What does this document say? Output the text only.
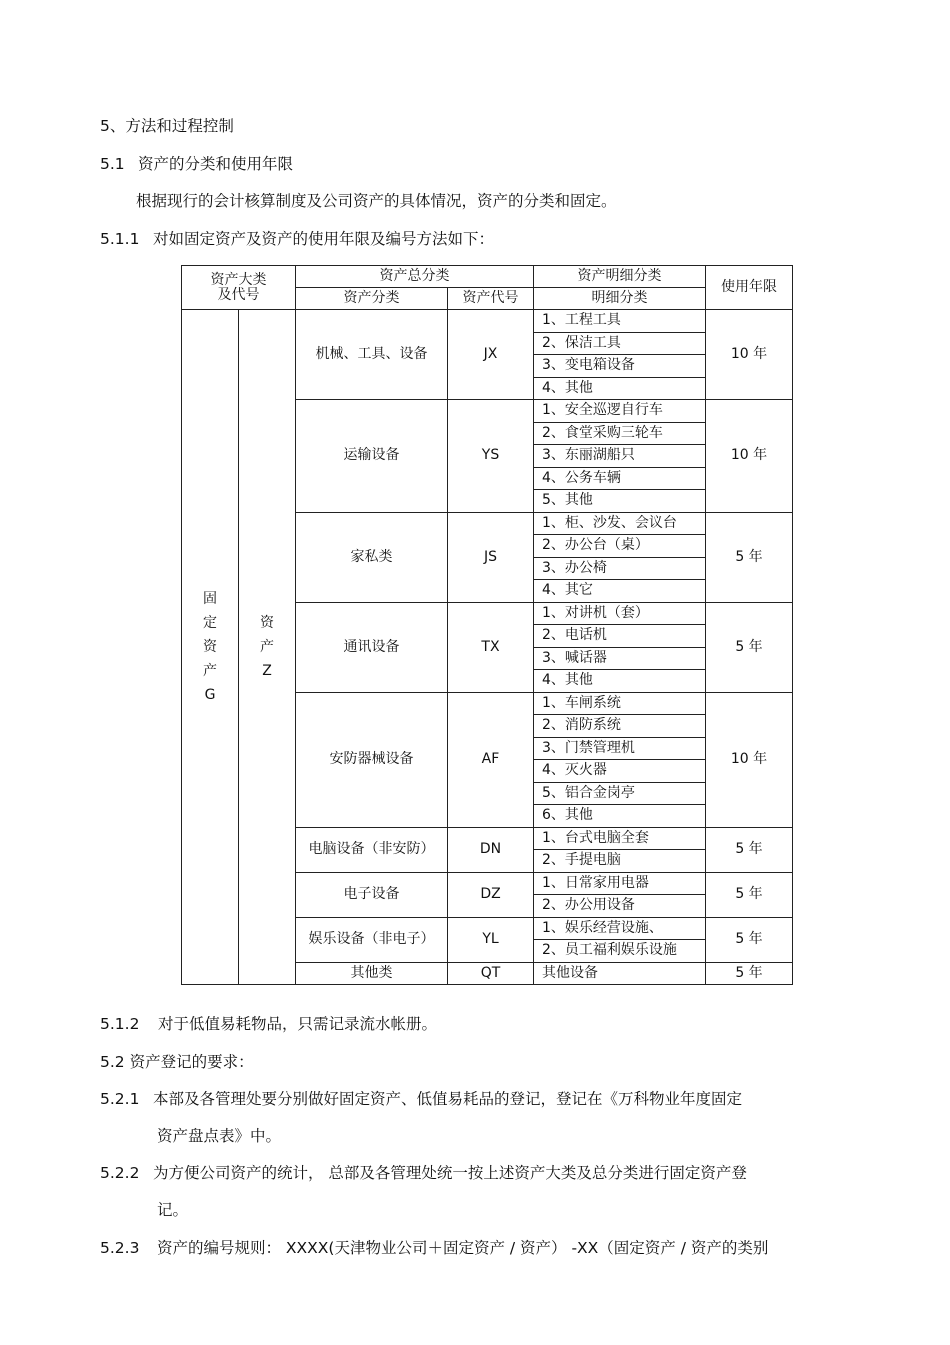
5、方法和过程控制
5.1 资产的分类和使用年限
根据现行的会计核算制度及公司资产的具体情况，资产的分类和固定。
5.1.1 对如固定资产及资产的使用年限及编号方法如下：
资产大类及代号		资产总分类		资产明细分类	使用年限
		资产分类	资产代号	明细分类	
固定资产G	资产Z	机械、工具、设备	JX	1、工程工具	10 年
				2、保洁工具	
				3、变电箱设备	
				4、其他	
		运输设备	YS	1、安全巡逻自行车	10 年
				2、食堂采购三轮车	
				3、东丽湖船只	
				4、公务车辆	
				5、其他	
		家私类	JS	1、柜、沙发、会议台	5 年
				2、办公台（桌）	
				3、办公椅	
				4、其它	
		通讯设备	TX	1、对讲机（套）	5 年
				2、电话机	
				3、喊话器	
				4、其他	
		安防器械设备	AF	1、车闸系统	10 年
				2、消防系统	
				3、门禁管理机	
				4、灭火器	
				5、铝合金岗亭	
				6、其他	
		电脑设备（非安防）	DN	1、台式电脑全套	5 年
				2、手提电脑	
		电子设备	DZ	1、日常家用电器	5 年
				2、办公用设备	
		娱乐设备（非电子）	YL	1、娱乐经营设施、	5 年
				2、员工福利娱乐设施	
		其他类	QT	其他设备	5 年
5.1.2 对于低值易耗物品，只需记录流水帐册。
5.2 资产登记的要求：
5.2.1 本部及各管理处要分别做好固定资产、低值易耗品的登记，登记在《万科物业年度固定
资产盘点表》中。
5.2.2 为方便公司资产的统计， 总部及各管理处统一按上述资产大类及总分类进行固定资产登
记。
5.2.3 资产的编号规则： XXXX(天津物业公司＋固定资产 / 资产） -XX（固定资产 / 资产的类别
